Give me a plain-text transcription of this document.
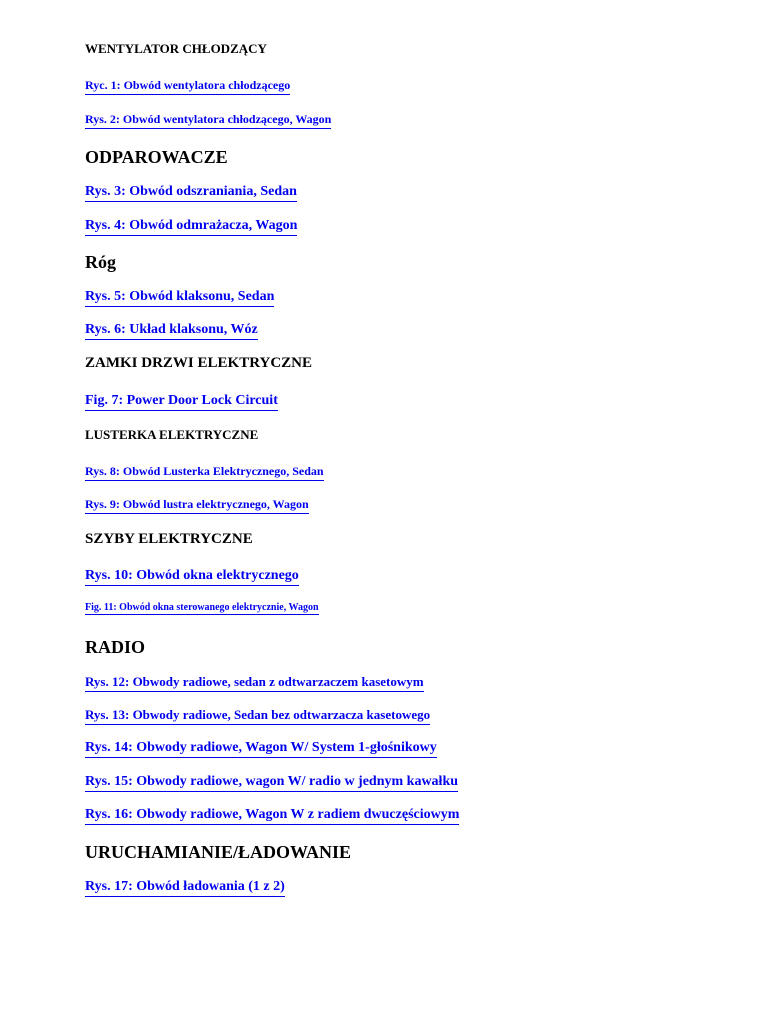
WENTYLATOR CHŁODZĄCY
Ryc. 1: Obwód wentylatora chłodzącego
Rys. 2: Obwód wentylatora chłodzącego, Wagon
ODPAROWACZE
Rys. 3: Obwód odszraniania, Sedan
Rys. 4: Obwód odmrażacza, Wagon
Róg
Rys. 5: Obwód klaksonu, Sedan
Rys. 6: Układ klaksonu, Wóz
ZAMKI DRZWI ELEKTRYCZNE
Fig. 7: Power Door Lock Circuit
LUSTERKA ELEKTRYCZNE
Rys. 8: Obwód Lusterka Elektrycznego, Sedan
Rys. 9: Obwód lustra elektrycznego, Wagon
SZYBY ELEKTRYCZNE
Rys. 10: Obwód okna elektrycznego
Fig. 11: Obwód okna sterowanego elektrycznie, Wagon
RADIO
Rys. 12: Obwody radiowe, sedan z odtwarzaczem kasetowym
Rys. 13: Obwody radiowe, Sedan bez odtwarzacza kasetowego
Rys. 14: Obwody radiowe, Wagon W/ System 1-głośnikowy
Rys. 15: Obwody radiowe, wagon W/ radio w jednym kawałku
Rys. 16: Obwody radiowe, Wagon W z radiem dwuczęściowym
URUCHAMIANIE/ŁADOWANIE
Rys. 17: Obwód ładowania (1 z 2)
